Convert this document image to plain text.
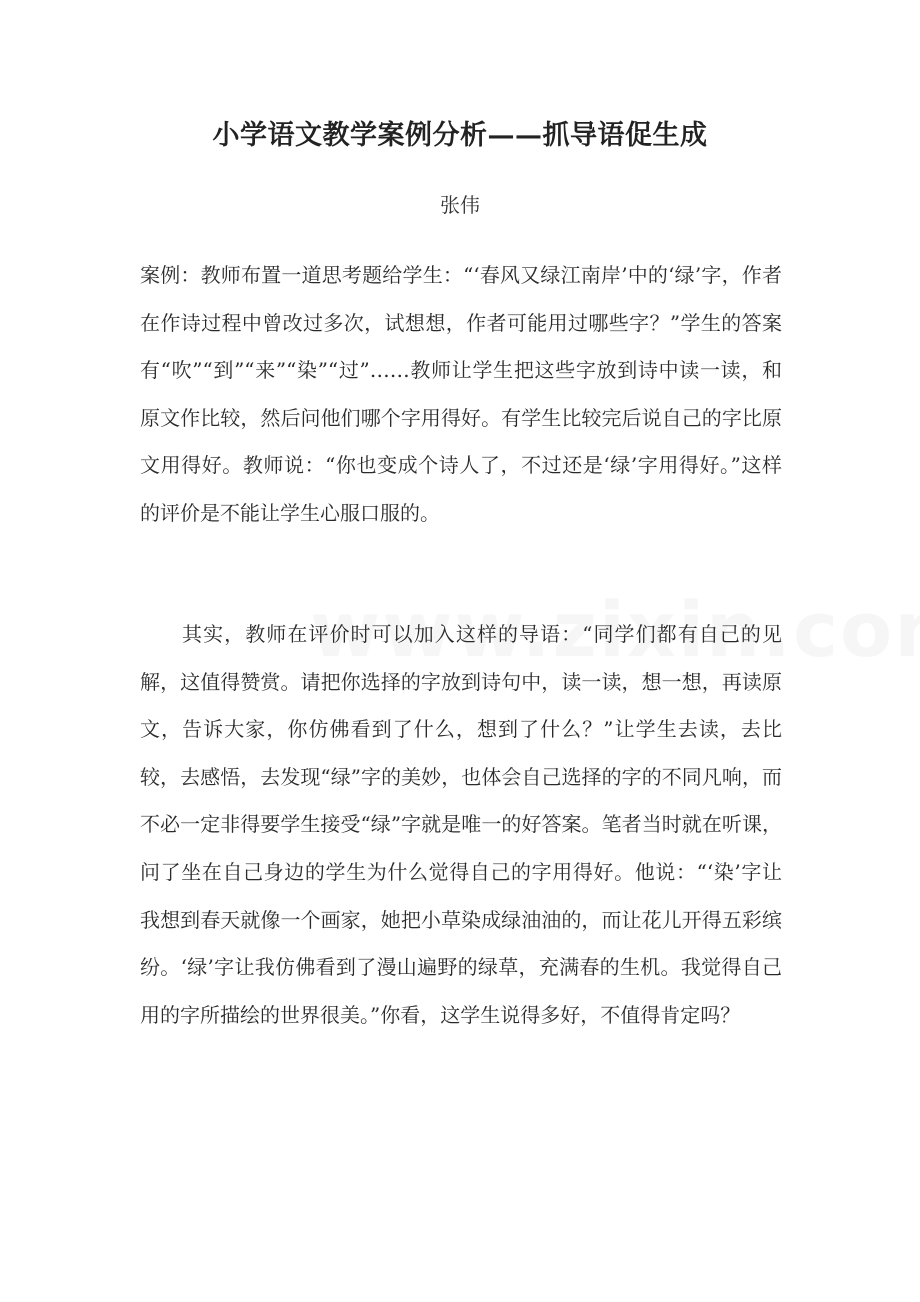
小学语文教学案例分析——抓导语促生成

张伟

案例：教师布置一道思考题给学生：“‘春风又绿江南岸’中的‘绿’字，作者在作诗过程中曾改过多次，试想想，作者可能用过哪些字？”学生的答案有“吹”“到”“来”“染”“过”……教师让学生把这些字放到诗中读一读，和原文作比较，然后问他们哪个字用得好。有学生比较完后说自己的字比原文用得好。教师说：“你也变成个诗人了，不过还是‘绿’字用得好。”这样的评价是不能让学生心服口服的。

其实，教师在评价时可以加入这样的导语：“同学们都有自己的见解，这值得赞赏。请把你选择的字放到诗句中，读一读，想一想，再读原文，告诉大家，你仿佛看到了什么，想到了什么？”让学生去读，去比较，去感悟，去发现“绿”字的美妙，也体会自己选择的字的不同凡响，而不必一定非得要学生接受“绿”字就是唯一的好答案。笔者当时就在听课，问了坐在自己身边的学生为什么觉得自己的字用得好。他说：“‘染’字让我想到春天就像一个画家，她把小草染成绿油油的，而让花儿开得五彩缤纷。‘绿’字让我仿佛看到了漫山遍野的绿草，充满春的生机。我觉得自己用的字所描绘的世界很美。”你看，这学生说得多好，不值得肯定吗？
